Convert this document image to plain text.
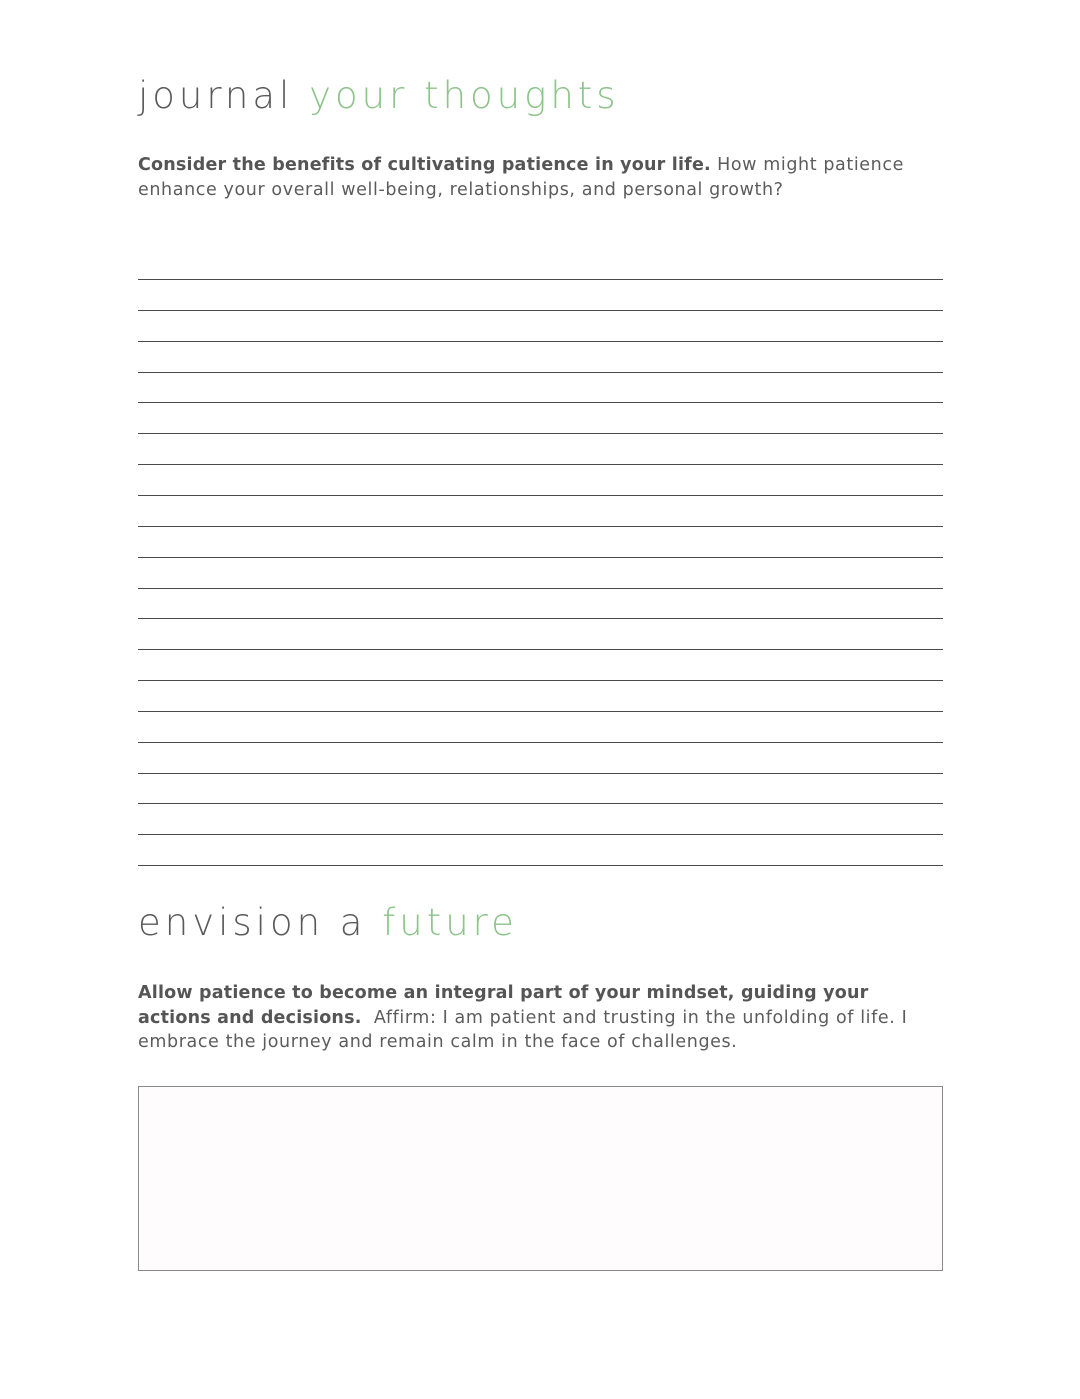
journal your thoughts
Consider the benefits of cultivating patience in your life. How might patience enhance your overall well-being, relationships, and personal growth?
envision a future
Allow patience to become an integral part of your mindset, guiding your actions and decisions. Affirm: I am patient and trusting in the unfolding of life. I embrace the journey and remain calm in the face of challenges.
